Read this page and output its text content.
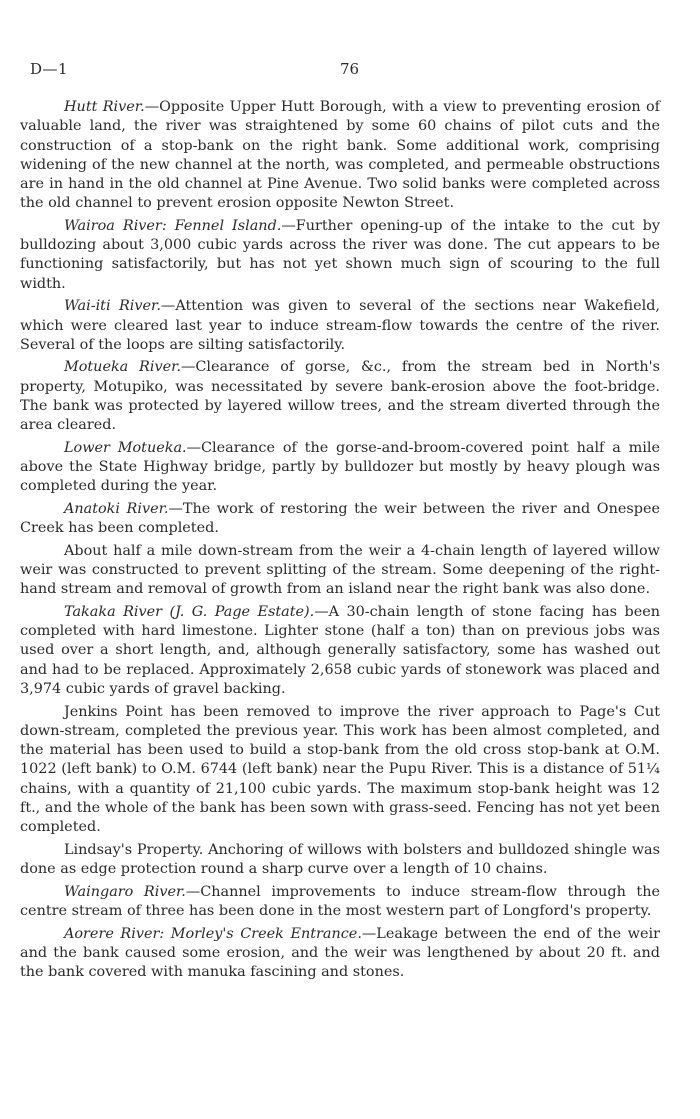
D—1	76

Hutt River.—Opposite Upper Hutt Borough, with a view to preventing erosion of valuable land, the river was straightened by some 60 chains of pilot cuts and the construction of a stop-bank on the right bank. Some additional work, comprising widening of the new channel at the north, was completed, and permeable obstructions are in hand in the old channel at Pine Avenue. Two solid banks were completed across the old channel to prevent erosion opposite Newton Street.

Wairoa River: Fennel Island.—Further opening-up of the intake to the cut by bulldozing about 3,000 cubic yards across the river was done. The cut appears to be functioning satisfactorily, but has not yet shown much sign of scouring to the full width.

Wai-iti River.—Attention was given to several of the sections near Wakefield, which were cleared last year to induce stream-flow towards the centre of the river. Several of the loops are silting satisfactorily.

Motueka River.—Clearance of gorse, &c., from the stream bed in North's property, Motupiko, was necessitated by severe bank-erosion above the foot-bridge. The bank was protected by layered willow trees, and the stream diverted through the area cleared.

Lower Motueka.—Clearance of the gorse-and-broom-covered point half a mile above the State Highway bridge, partly by bulldozer but mostly by heavy plough was completed during the year.

Anatoki River.—The work of restoring the weir between the river and Onespee Creek has been completed.

About half a mile down-stream from the weir a 4-chain length of layered willow weir was constructed to prevent splitting of the stream. Some deepening of the right-hand stream and removal of growth from an island near the right bank was also done.

Takaka River (J. G. Page Estate).—A 30-chain length of stone facing has been completed with hard limestone. Lighter stone (half a ton) than on previous jobs was used over a short length, and, although generally satisfactory, some has washed out and had to be replaced. Approximately 2,658 cubic yards of stonework was placed and 3,974 cubic yards of gravel backing.

Jenkins Point has been removed to improve the river approach to Page's Cut down-stream, completed the previous year. This work has been almost completed, and the material has been used to build a stop-bank from the old cross stop-bank at O.M. 1022 (left bank) to O.M. 6744 (left bank) near the Pupu River. This is a distance of 51¼ chains, with a quantity of 21,100 cubic yards. The maximum stop-bank height was 12 ft., and the whole of the bank has been sown with grass-seed. Fencing has not yet been completed.

Lindsay's Property. Anchoring of willows with bolsters and bulldozed shingle was done as edge protection round a sharp curve over a length of 10 chains.

Waingaro River.—Channel improvements to induce stream-flow through the centre stream of three has been done in the most western part of Longford's property.

Aorere River: Morley's Creek Entrance.—Leakage between the end of the weir and the bank caused some erosion, and the weir was lengthened by about 20 ft. and the bank covered with manuka fascining and stones.
